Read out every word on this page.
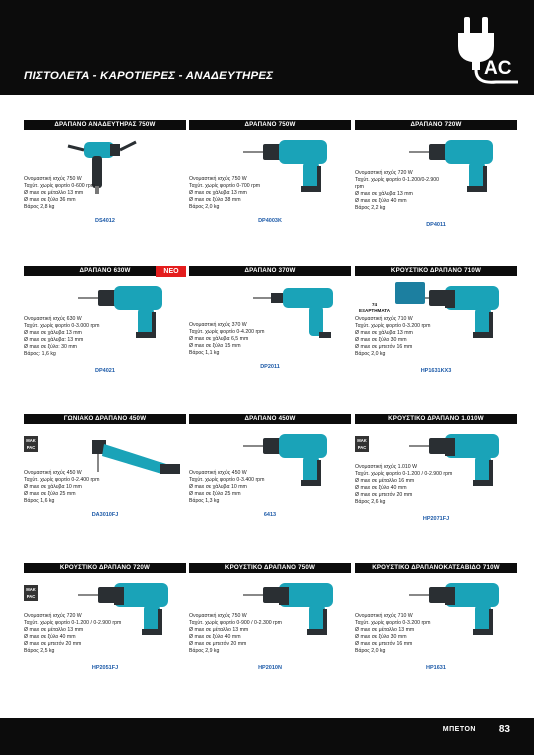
ΠΙΣΤΟΛΕΤΑ - ΚΑΡΟΤΙΕΡΕΣ - ΑΝΑΔΕΥΤΗΡΕΣ	AC
ΔΡΑΠΑΝΟ ΑΝΑΔΕΥΤΗΡΑΣ 750W
Ονομαστική ισχύς 750 W
Ταχύτ. χωρίς φορτίο 0-600 rpm
Ø max σε μέταλλο 13 mm
Ø max σε ξύλο 36 mm
Βάρος 2,8 kg
DS4012
ΔΡΑΠΑΝΟ 750W
Ονομαστική ισχύς 750 W
Ταχύτ. χωρίς φορτίο 0-700 rpm
Ø max σε χάλυβα 13 mm
Ø max σε ξύλο 38 mm
Βάρος 2,0 kg
DP4003K
ΔΡΑΠΑΝΟ 720W
Ονομαστική ισχύς 720 W
Ταχύτ. χωρίς φορτίο 0-1.200/0-2.900
rpm
Ø max σε χάλυβα 13 mm
Ø max σε ξύλο 40 mm
Βάρος 2,2 kg
DP4011
ΔΡΑΠΑΝΟ 630W	ΝΕΟ
Ονομαστική ισχύς 630 W
Ταχύτ. χωρίς φορτίο 0-3.000 rpm
Ø max σε χάλυβα 13 mm
Ø max σε χάλυβα: 13 mm
Ø max σε ξύλο: 30 mm
Βάρος: 1,6 kg
DP4021
ΔΡΑΠΑΝΟ 370W
Ονομαστική ισχύς 370 W
Ταχύτ. χωρίς φορτίο 0-4.200 rpm
Ø max σε χάλυβα 6,5 mm
Ø max σε ξύλο 15 mm
Βάρος 1,1 kg
DP2011
ΚΡΟΥΣΤΙΚΟ ΔΡΑΠΑΝΟ 710W
74
ΕΞΑΡΤΗΜΑΤΑ
Ονομαστική ισχύς 710 W
Ταχύτ. χωρίς φορτίο 0-3.200 rpm
Ø max σε χάλυβα 13 mm
Ø max σε ξύλο 30 mm
Ø max σε μπετόν 16 mm
Βάρος 2,0 kg
HP1631KX3
ΓΩΝΙΑΚΟ ΔΡΑΠΑΝΟ 450W
MAK
PAC
Ονομαστική ισχύς 450 W
Ταχύτ. χωρίς φορτίο 0-2.400 rpm
Ø max σε χάλυβα 10 mm
Ø max σε ξύλο 25 mm
Βάρος 1,6 kg
DA3010FJ
ΔΡΑΠΑΝΟ 450W
Ονομαστική ισχύς 450 W
Ταχύτ. χωρίς φορτίο 0-3.400 rpm
Ø max σε χάλυβα 10 mm
Ø max σε ξύλο 25 mm
Βάρος 1,3 kg
6413
ΚΡΟΥΣΤΙΚΟ ΔΡΑΠΑΝΟ 1.010W
MAK
PAC
Ονομαστική ισχύς 1.010 W
Ταχύτ. χωρίς φορτίο 0-1.200 / 0-2.900 rpm
Ø max σε μέταλλο 16 mm
Ø max σε ξύλο 40 mm
Ø max σε μπετόν 20 mm
Βάρος 2,6 kg
HP2071FJ
ΚΡΟΥΣΤΙΚΟ ΔΡΑΠΑΝΟ 720W
MAK
PAC
Ονομαστική ισχύς 720 W
Ταχύτ. χωρίς φορτίο 0-1.200 / 0-2.900 rpm
Ø max σε μέταλλο 13 mm
Ø max σε ξύλο 40 mm
Ø max σε μπετόν 20 mm
Βάρος 2,5 kg
HP2051FJ
ΚΡΟΥΣΤΙΚΟ ΔΡΑΠΑΝΟ 750W
Ονομαστική ισχύς 750 W
Ταχύτ. χωρίς φορτίο 0-900 / 0-2.300 rpm
Ø max σε μέταλλο 13 mm
Ø max σε ξύλο 40 mm
Ø max σε μπετόν 20 mm
Βάρος 2,9 kg
HP2010N
ΚΡΟΥΣΤΙΚΟ ΔΡΑΠΑΝΟΚΑΤΣΑΒΙΔΟ 710W
Ονομαστική ισχύς 710 W
Ταχύτ. χωρίς φορτίο 0-3.200 rpm
Ø max σε μέταλλο 13 mm
Ø max σε ξύλο 30 mm
Ø max σε μπετόν 16 mm
Βάρος 2,0 kg
HP1631
ΜΠΕΤΟΝ 83
